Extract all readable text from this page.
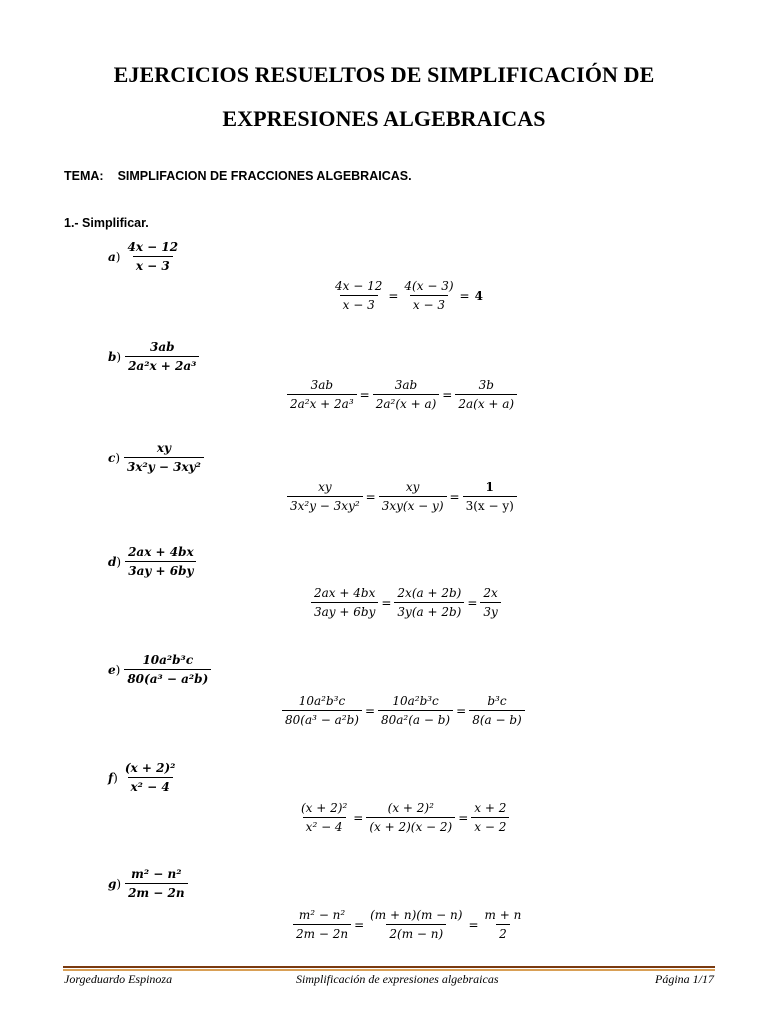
EJERCICIOS RESUELTOS DE SIMPLIFICACIÓN DE
EXPRESIONES ALGEBRAICAS
TEMA: SIMPLIFACION DE FRACCIONES ALGEBRAICAS.
1.- Simplificar.
$a) \frac{4x - 12}{x - 3}$
$\frac{4x - 12}{x - 3} = \frac{4(x - 3)}{x - 3} = 4$
$b) \frac{3ab}{\text{2a²x + 2a³}}$
$\frac{3ab}{\text{2a²x + 2a³}} = \frac{3ab}{\text{2a²(x + a)}} = \frac{3b}{2a(x + a)}$
$c) \frac{xy}{\text{3x²y − 3xy²}}$
$\frac{xy}{\text{3x²y − 3xy²}} = \frac{xy}{3xy(x - y)} = \frac{1}{3(x - y)}$
$d) \frac{2ax + 4bx}{3ay + 6by}$
$\frac{2ax + 4bx}{3ay + 6by} = \frac{2x(a + 2b)}{3y(a + 2b)} = \frac{2x}{3y}$
$e) \frac{\text{10a²b³c}}{\text{80(a³ − a²b)}}$
$\frac{\text{10a²b³c}}{\text{80(a³ − a²b)}} = \frac{\text{10a²b³c}}{\text{80a²(a − b)}} = \frac{\text{b³c}}{8(a - b)}$
$f) \frac{\text{(x + 2)²}}{\text{x² − 4}}$
$\frac{\text{(x + 2)²}}{\text{x² − 4}} = \frac{\text{(x + 2)²}}{(x + 2)(x - 2)} = \frac{x + 2}{x - 2}$
$g) \frac{\text{m² − n²}}{2m - 2n}$
$\frac{\text{m² − n²}}{2m - 2n} = \frac{(m + n)(m - n)}{2(m - n)} = \frac{m + n}{2}$
Jorgeduardo Espinoza	Simplificación de expresiones algebraicas	Página 1/17
